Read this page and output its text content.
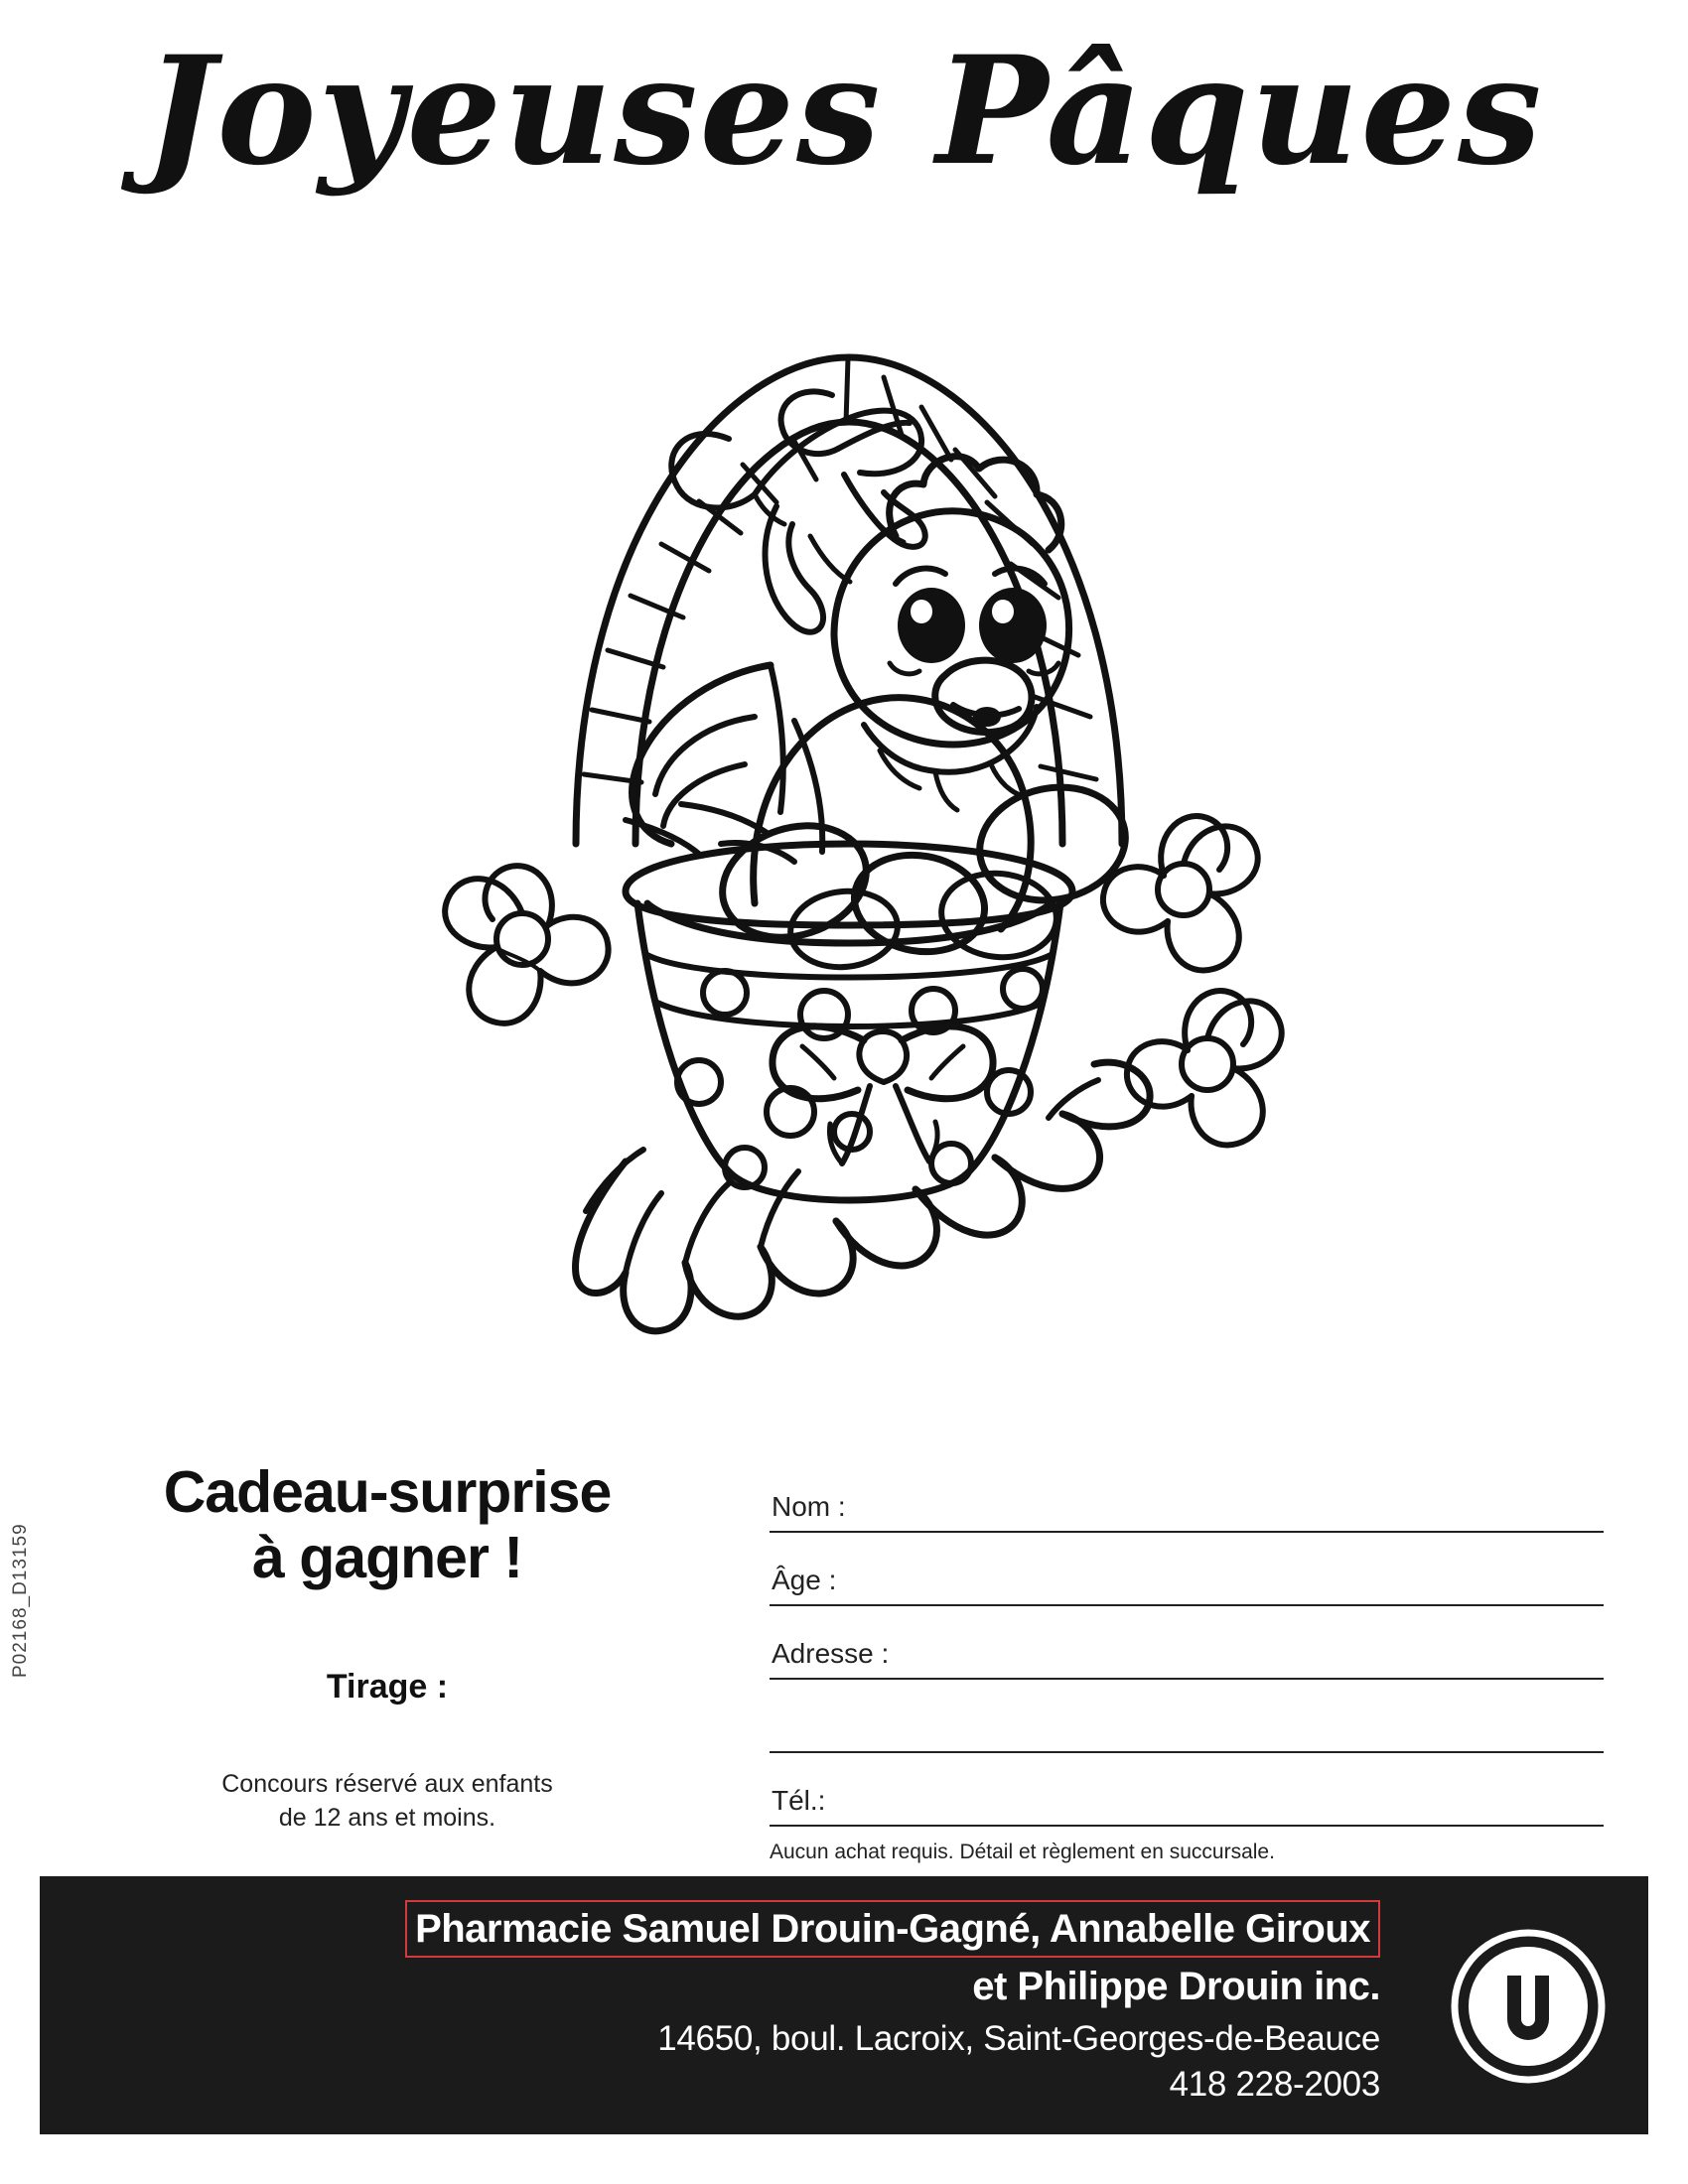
Joyeuses Pâques
Cadeau-surprise
à gagner !
Tirage :
Concours réservé aux enfants
de 12 ans et moins.
Nom :
Âge :
Adresse :
Tél.:
Aucun achat requis. Détail et règlement en succursale.
P02168_D13159
Pharmacie Samuel Drouin-Gagné, Annabelle Giroux
et Philippe Drouin inc.
14650, boul. Lacroix, Saint-Georges-de-Beauce
418 228-2003
